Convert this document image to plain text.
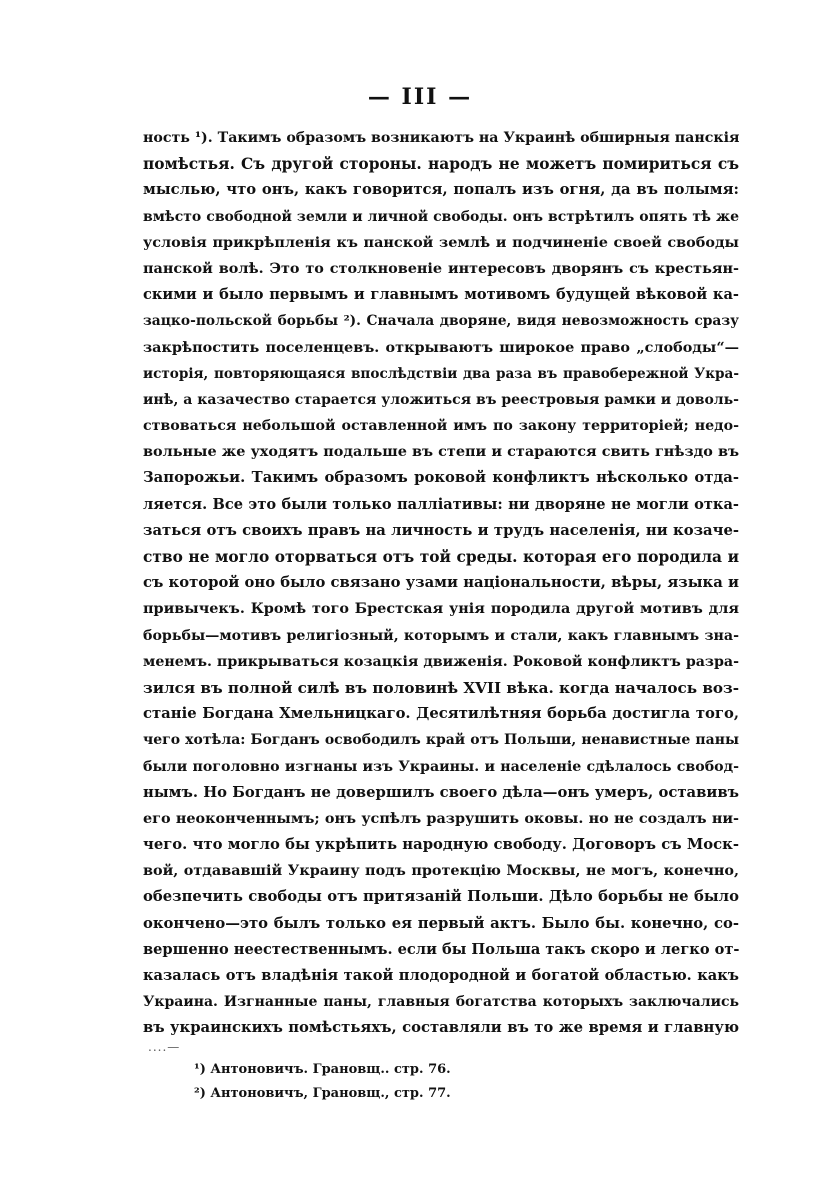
— III —
ность ¹). Такимъ образомъ возникаютъ на Украинѣ обширныя панскія
помѣстья. Съ другой стороны. народъ не можетъ помириться съ
мыслью, что онъ, какъ говорится, попалъ изъ огня, да въ полымя:
вмѣсто свободной земли и личной свободы. онъ встрѣтилъ опять тѣ же
условія прикрѣпленія къ панской землѣ и подчиненіе своей свободы
панской волѣ. Это то столкновеніе интересовъ дворянъ съ крестьян-
скими и было первымъ и главнымъ мотивомъ будущей вѣковой ка-
зацко-польской борьбы ²). Сначала дворяне, видя невозможность сразу
закрѣпостить поселенцевъ. открываютъ широкое право „слободы“—
исторія, повторяющаяся впослѣдствіи два раза въ правобережной Укра-
инѣ, а казачество старается уложиться въ реестровыя рамки и доволь-
ствоваться небольшой оставленной имъ по закону территоріей; недо-
вольные же уходятъ подальше въ степи и стараются свить гнѣздо въ
Запорожьи. Такимъ образомъ роковой конфликтъ нѣсколько отда-
ляется. Все это были только палліативы: ни дворяне не могли отка-
заться отъ своихъ правъ на личность и трудъ населенія, ни козаче-
ство не могло оторваться отъ той среды. которая его породила и
съ которой оно было связано узами національности, вѣры, языка и
привычекъ. Кромѣ того Брестская унія породила другой мотивъ для
борьбы—мотивъ религіозный, которымъ и стали, какъ главнымъ зна-
менемъ. прикрываться козацкія движенія. Роковой конфликтъ разра-
зился въ полной силѣ въ половинѣ XVII вѣка. когда началось воз-
станіе Богдана Хмельницкаго. Десятилѣтняя борьба достигла того,
чего хотѣла: Богданъ освободилъ край отъ Польши, ненавистные паны
были поголовно изгнаны изъ Украины. и населеніе сдѣлалось свобод-
нымъ. Но Богданъ не довершилъ своего дѣла—онъ умеръ, оставивъ
его неоконченнымъ; онъ успѣлъ разрушить оковы. но не создалъ ни-
чего. что могло бы укрѣпить народную свободу. Договоръ съ Моск-
вой, отдававшій Украину подъ протекцію Москвы, не могъ, конечно,
обезпечить свободы отъ притязаній Польши. Дѣло борьбы не было
окончено—это былъ только ея первый актъ. Было бы. конечно, со-
вершенно неестественнымъ. если бы Польша такъ скоро и легко от-
казалась отъ владѣнія такой плодородной и богатой областью. какъ
Украина. Изгнанные паны, главныя богатства которыхъ заключались
въ украинскихъ помѣстьяхъ, составляли въ то же время и главную
....—
¹) Антоновичъ. Грановщ.. стр. 76.
²) Антоновичъ, Грановщ., стр. 77.
